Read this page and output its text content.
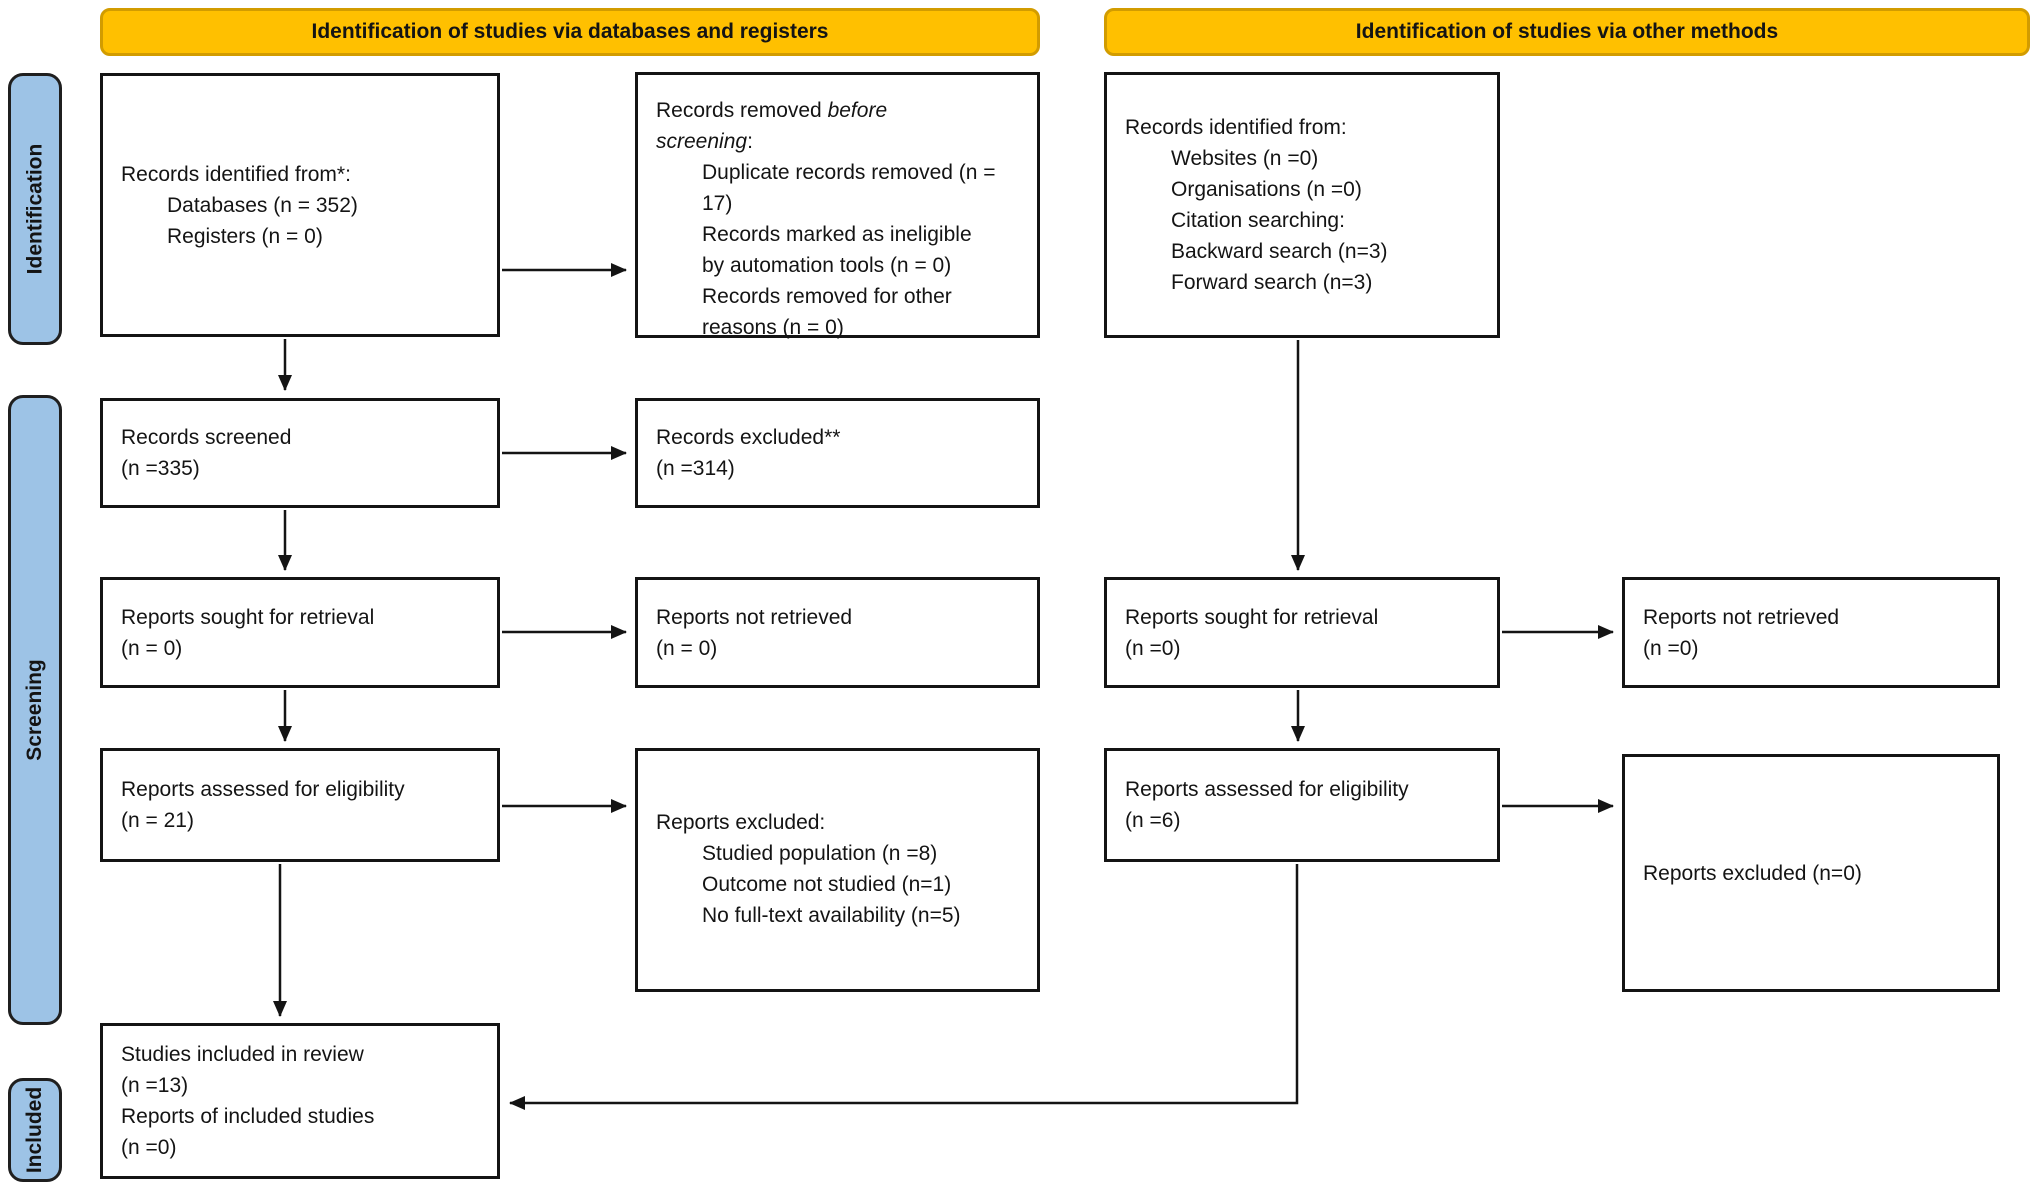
Identification of studies via databases and registers	Identification of studies via other methods
Identification
Screening
Included
Records identified from*:
Databases (n = 352)
Registers (n = 0)
Records screened
(n =335)
Reports sought for retrieval
(n = 0)
Reports assessed for eligibility
(n = 21)
Studies included in review
(n =13)
Reports of included studies
(n =0)
Records removed before
screening:
Duplicate records removed (n = 17)
Records marked as ineligible by automation tools (n = 0)
Records removed for other reasons (n = 0)
Records excluded**
(n =314)
Reports not retrieved
(n = 0)
Reports excluded:
Studied population (n =8)
Outcome not studied (n=1)
No full-text availability (n=5)
Records identified from:
Websites (n =0)
Organisations (n =0)
Citation searching:
Backward search (n=3)
Forward search (n=3)
Reports sought for retrieval
(n =0)
Reports assessed for eligibility
(n =6)
Reports not retrieved
(n =0)
Reports excluded (n=0)
